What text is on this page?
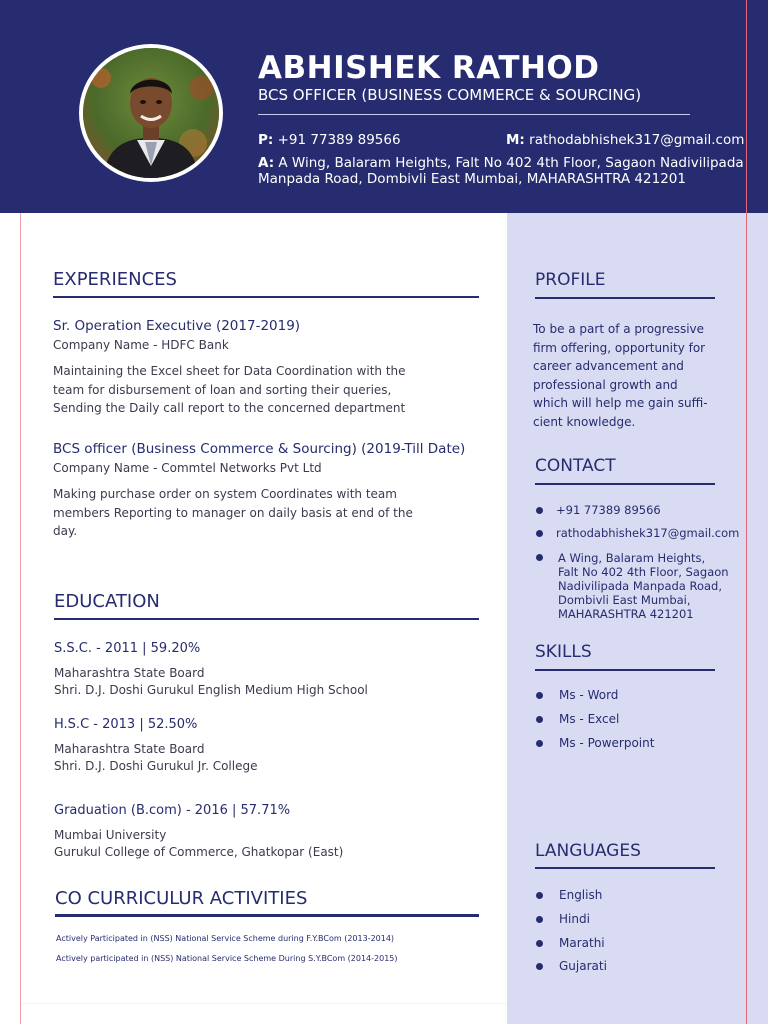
ABHISHEK RATHOD
BCS OFFICER (BUSINESS COMMERCE & SOURCING)
P: +91 77389 89566	M: rathodabhishek317@gmail.com
A: A Wing, Balaram Heights, Falt No 402 4th Floor, Sagaon Nadivilipada
Manpada Road, Dombivli East Mumbai, MAHARASHTRA 421201
EXPERIENCES
Sr. Operation Executive (2017-2019)
Company Name - HDFC Bank
Maintaining the Excel sheet for Data Coordination with the
team for disbursement of loan and sorting their queries,
Sending the Daily call report to the concerned department
BCS officer (Business Commerce & Sourcing) (2019-Till Date)
Company Name - Commtel Networks Pvt Ltd
Making purchase order on system Coordinates with team
members Reporting to manager on daily basis at end of the
day.
EDUCATION
S.S.C. - 2011 | 59.20%
Maharashtra State Board
Shri. D.J. Doshi Gurukul English Medium High School
H.S.C - 2013 | 52.50%
Maharashtra State Board
Shri. D.J. Doshi Gurukul Jr. College
Graduation (B.com) - 2016 | 57.71%
Mumbai University
Gurukul College of Commerce, Ghatkopar (East)
CO CURRICULUR ACTIVITIES
Actively Participated in (NSS) National Service Scheme during F.Y.BCom (2013-2014)
Actively participated in (NSS) National Service Scheme During S.Y.BCom (2014-2015)
PROFILE
To be a part of a progressive
firm offering, opportunity for
career advancement and
professional growth and
which will help me gain suffi-
cient knowledge.
CONTACT
+91 77389 89566
rathodabhishek317@gmail.com
A Wing, Balaram Heights,
Falt No 402 4th Floor, Sagaon
Nadivilipada Manpada Road,
Dombivli East Mumbai,
MAHARASHTRA 421201
SKILLS
Ms - Word
Ms - Excel
Ms - Powerpoint
LANGUAGES
English
Hindi
Marathi
Gujarati
